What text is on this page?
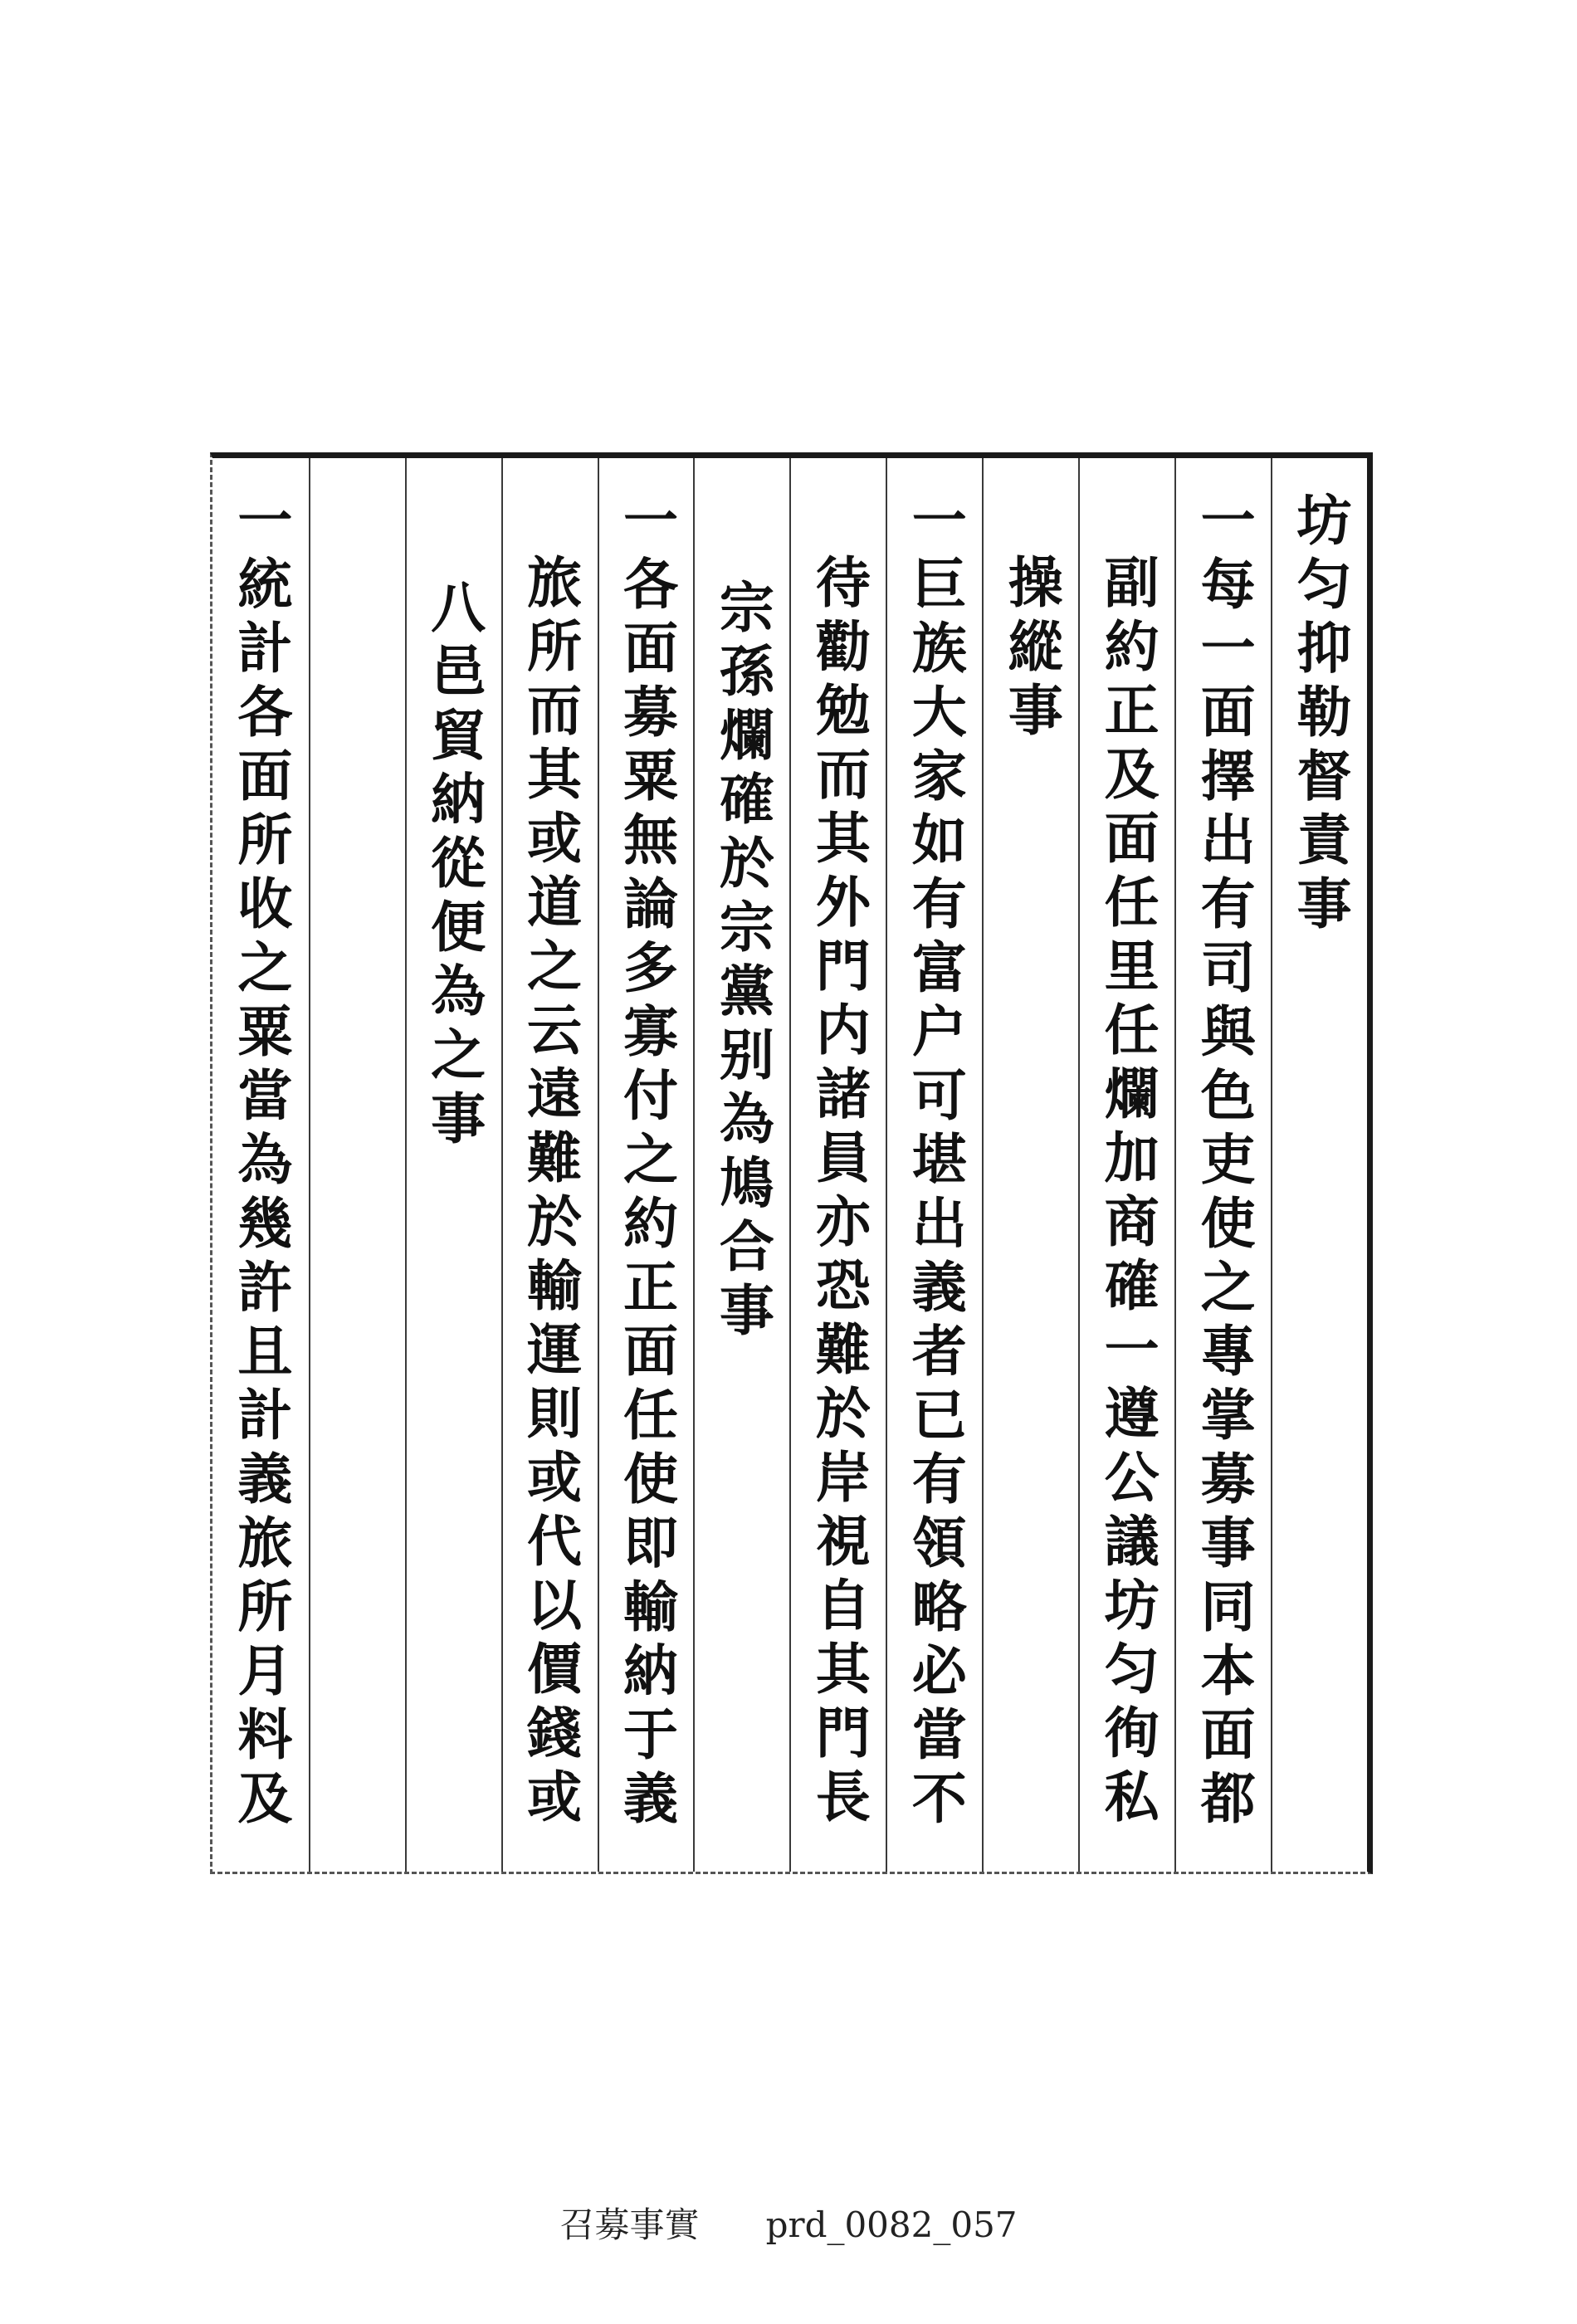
坊匀抑勒督責事
一每一面擇出有司與色吏使之專掌募事同本面都
副約正及面任里任爛加商確一遵公議坊匀徇私
操縱事
一巨族大家如有富户可堪出義者已有領略必當不
待勸勉而其外門内諸員亦恐難於岸視自其門長
宗孫爛確於宗黨别為鳩合事
一各面募粟無論多寡付之約正面任使即輸納于義
旅所而其或道之云遠難於輸運則或代以價錢或
八邑貿納從便為之事
一統計各面所收之粟當為幾許且計義旅所月料及
召募事實 prd_0082_057
